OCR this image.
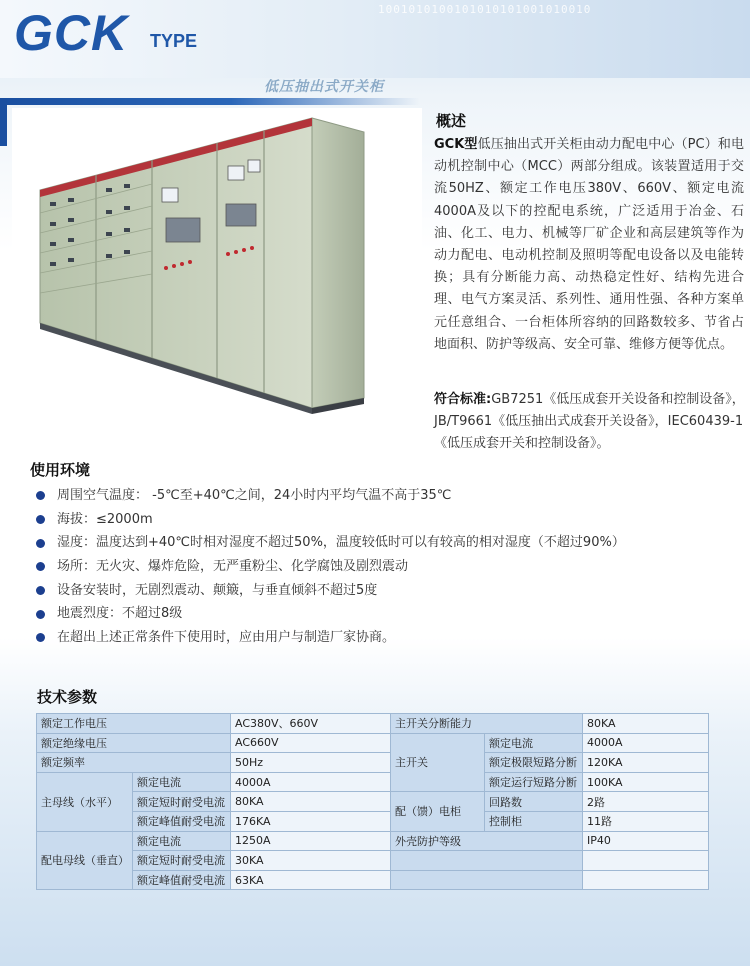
1001010100101010101001010010
GCK TYPE
低压抽出式开关柜
概述
GCK型低压抽出式开关柜由动力配电中心（PC）和电动机控制中心（MCC）两部分组成。该装置适用于交流50HZ、额定工作电压380V、660V、额定电流4000A及以下的控配电系统，广泛适用于冶金、石油、化工、电力、机械等厂矿企业和高层建筑等作为动力配电、电动机控制及照明等配电设备以及电能转换；具有分断能力高、动热稳定性好、结构先进合理、电气方案灵活、系列性、通用性强、各种方案单元任意组合、一台柜体所容纳的回路数较多、节省占地面积、防护等级高、安全可靠、维修方便等优点。
符合标准:GB7251《低压成套开关设备和控制设备》，JB/T9661《低压抽出式成套开关设备》，IEC60439-1《低压成套开关和控制设备》。
使用环境
周围空气温度： -5℃至+40℃之间，24小时内平均气温不高于35℃
海拔：≤2000m
湿度：温度达到+40℃时相对湿度不超过50%，温度较低时可以有较高的相对湿度（不超过90%）
场所：无火灾、爆炸危险，无严重粉尘、化学腐蚀及剧烈震动
设备安装时，无剧烈震动、颠簸，与垂直倾斜不超过5度
地震烈度：不超过8级
在超出上述正常条件下使用时，应由用户与制造厂家协商。
技术参数
额定工作电压		AC380V、660V	主开关分断能力		80KA
额定绝缘电压		AC660V	主开关	额定电流	4000A
额定频率		50Hz		额定极限短路分断	120KA
主母线（水平）	额定电流	4000A		额定运行短路分断	100KA
	额定短时耐受电流	80KA	配（馈）电柜	回路数	2路
	额定峰值耐受电流	176KA		控制柜	11路
配电母线（垂直）	额定电流	1250A	外壳防护等级		IP40
	额定短时耐受电流	30KA			
	额定峰值耐受电流	63KA			
